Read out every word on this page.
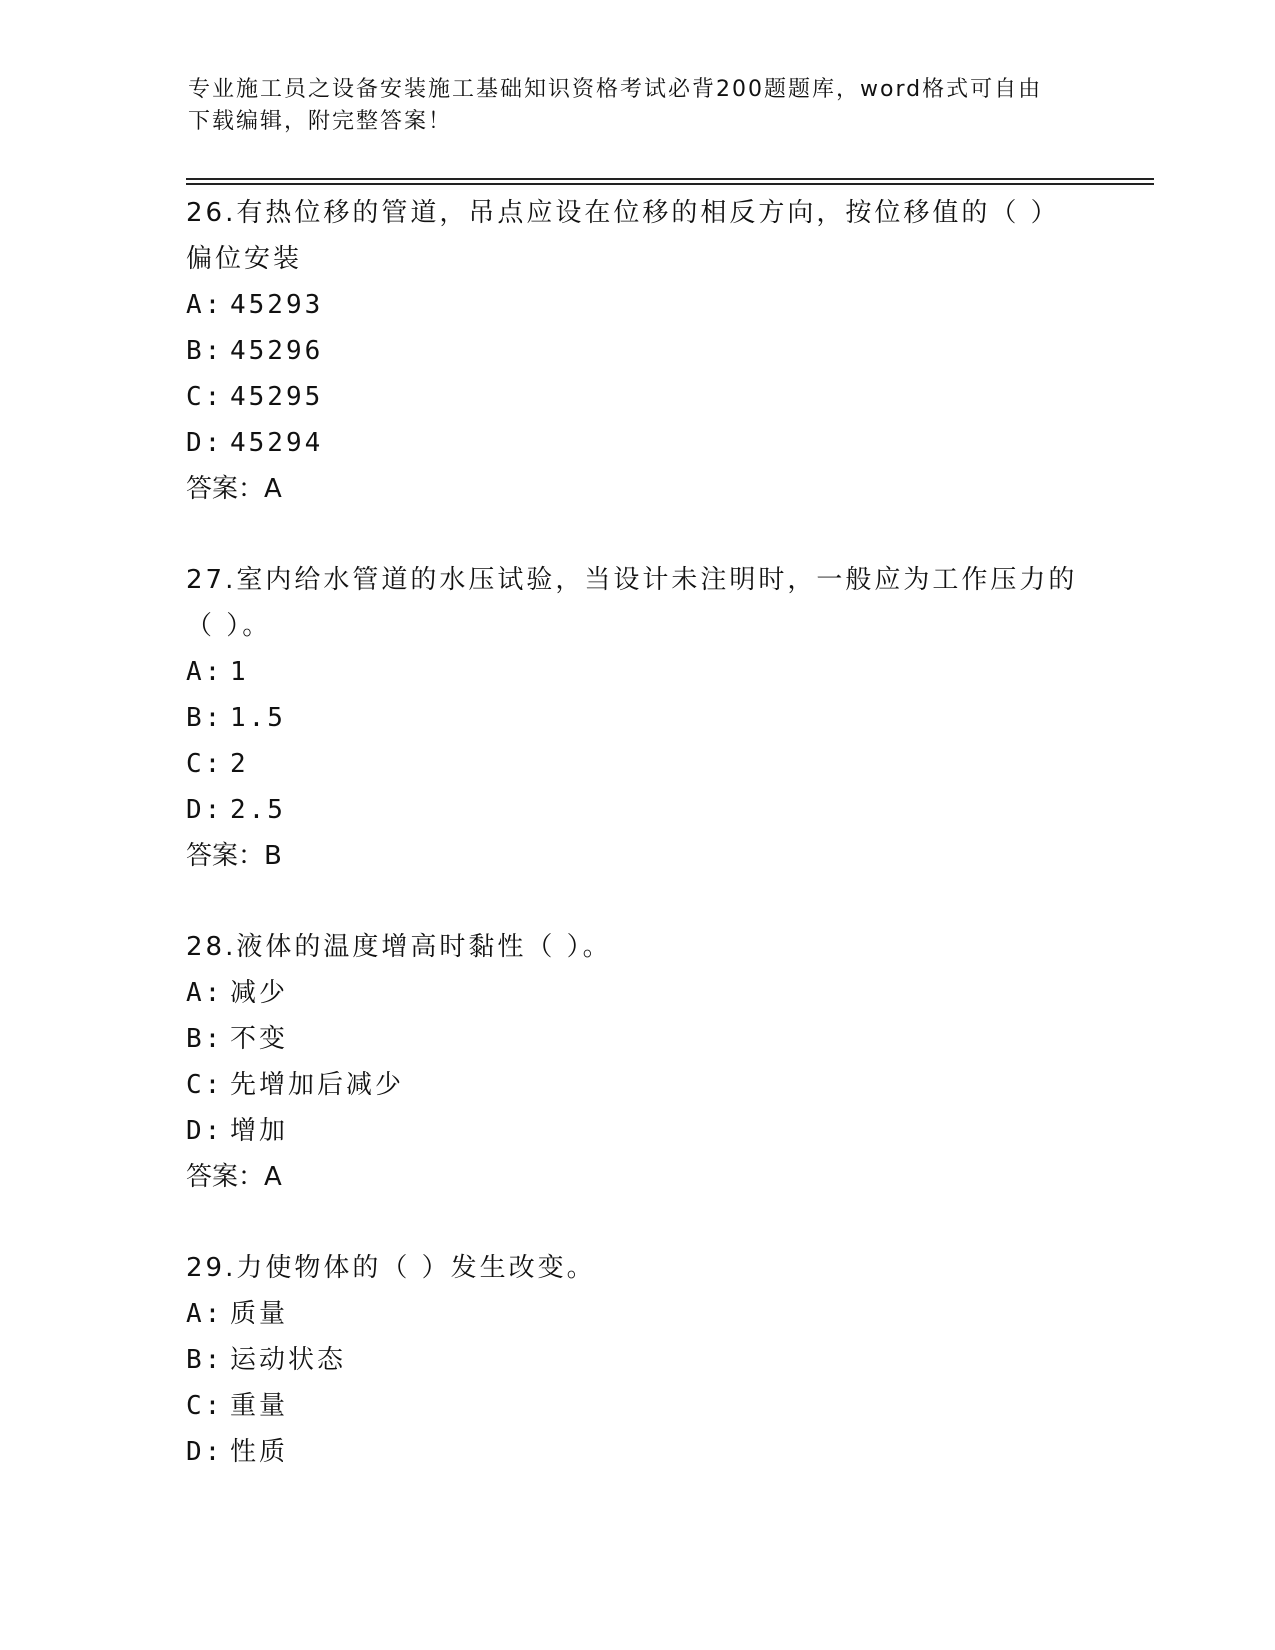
专业施工员之设备安装施工基础知识资格考试必背200题题库，word格式可自由
下载编辑，附完整答案！

26.有热位移的管道，吊点应设在位移的相反方向，按位移值的（ ）

偏位安装

A: 45293

B: 45296

C: 45295

D: 45294

答案：A

27.室内给水管道的水压试验，当设计未注明时，一般应为工作压力的

（ ）。

A: 1

B: 1.5

C: 2

D: 2.5

答案：B

28.液体的温度增高时黏性（ ）。

A: 减少

B: 不变

C: 先增加后减少

D: 增加

答案：A

29.力使物体的（ ）发生改变。

A: 质量

B: 运动状态

C: 重量

D: 性质
